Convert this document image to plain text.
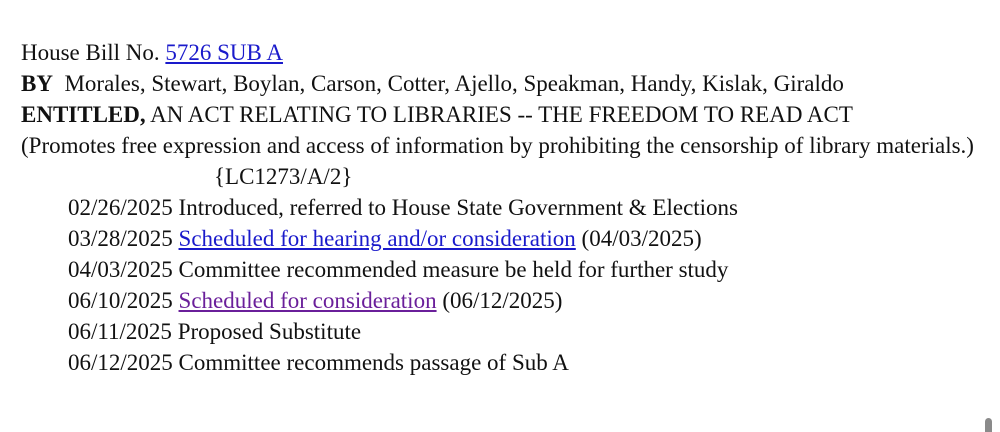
House Bill No. 5726 SUB A
BY Morales, Stewart, Boylan, Carson, Cotter, Ajello, Speakman, Handy, Kislak, Giraldo
ENTITLED, AN ACT RELATING TO LIBRARIES -- THE FREEDOM TO READ ACT
(Promotes free expression and access of information by prohibiting the censorship of library materials.)
{LC1273/A/2}
02/26/2025 Introduced, referred to House State Government & Elections
03/28/2025 Scheduled for hearing and/or consideration (04/03/2025)
04/03/2025 Committee recommended measure be held for further study
06/10/2025 Scheduled for consideration (06/12/2025)
06/11/2025 Proposed Substitute
06/12/2025 Committee recommends passage of Sub A
